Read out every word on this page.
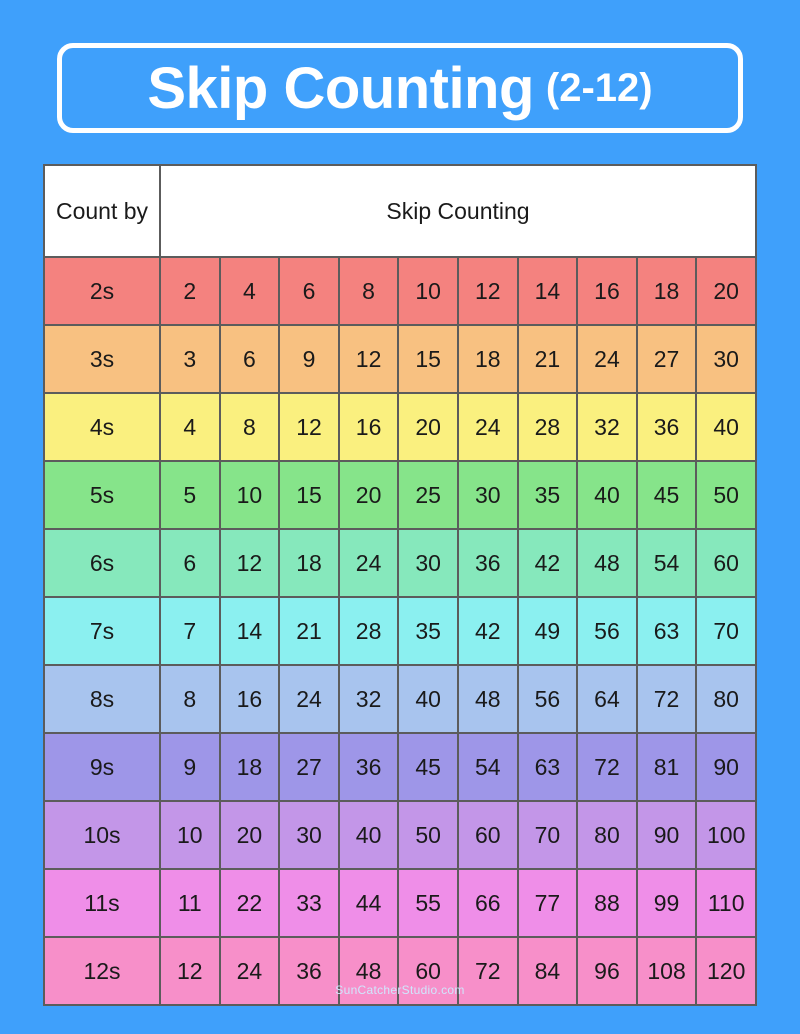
Skip Counting (2-12)
Count by	Skip Counting									
2s	2	4	6	8	10	12	14	16	18	20
3s	3	6	9	12	15	18	21	24	27	30
4s	4	8	12	16	20	24	28	32	36	40
5s	5	10	15	20	25	30	35	40	45	50
6s	6	12	18	24	30	36	42	48	54	60
7s	7	14	21	28	35	42	49	56	63	70
8s	8	16	24	32	40	48	56	64	72	80
9s	9	18	27	36	45	54	63	72	81	90
10s	10	20	30	40	50	60	70	80	90	100
11s	11	22	33	44	55	66	77	88	99	110
12s	12	24	36	48	60	72	84	96	108	120
SunCatcherStudio.com
